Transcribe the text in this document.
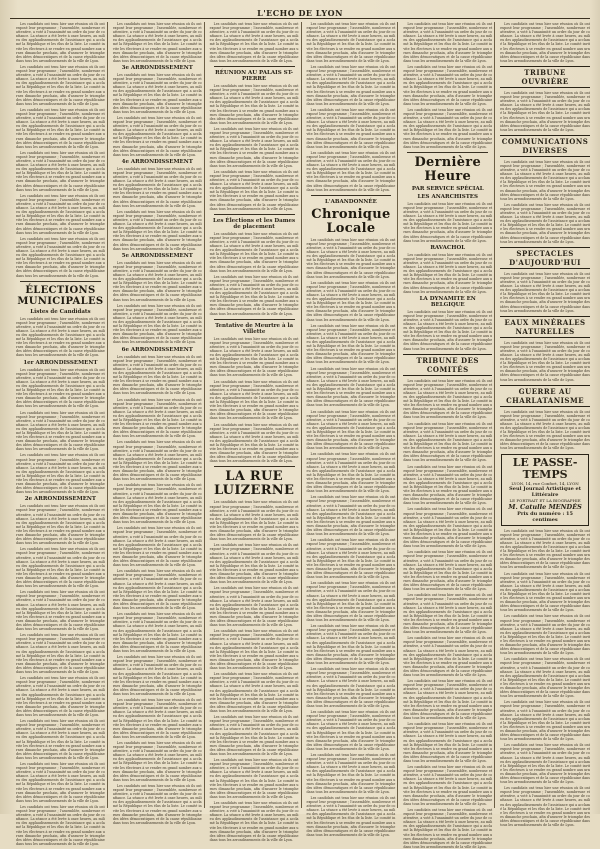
L'ECHO DE LYON

Les candidats ont tenu hier une réunion où ils ont exposé leur programme ; l'assemblée, nombreuse et attentive, a voté à l'unanimité un ordre du jour de confiance. La séance a été levée à onze heures, au milieu des applaudissements de l'assistance qui a acclamé la République et les élus de la liste. Le comité invite les électeurs à se rendre en grand nombre aux urnes dimanche prochain, afin d'assurer le triomphe des idées démocratiques et de la cause républicaine dans tous les arrondissements de la ville de Lyon.

Les candidats ont tenu hier une réunion où ils ont exposé leur programme ; l'assemblée, nombreuse et attentive, a voté à l'unanimité un ordre du jour de confiance. La séance a été levée à onze heures, au milieu des applaudissements de l'assistance qui a acclamé la République et les élus de la liste. Le comité invite les électeurs à se rendre en grand nombre aux urnes dimanche prochain, afin d'assurer le triomphe des idées démocratiques et de la cause républicaine dans tous les arrondissements de la ville de Lyon.

Les candidats ont tenu hier une réunion où ils ont exposé leur programme ; l'assemblée, nombreuse et attentive, a voté à l'unanimité un ordre du jour de confiance. La séance a été levée à onze heures, au milieu des applaudissements de l'assistance qui a acclamé la République et les élus de la liste. Le comité invite les électeurs à se rendre en grand nombre aux urnes dimanche prochain, afin d'assurer le triomphe des idées démocratiques et de la cause républicaine dans tous les arrondissements de la ville de Lyon.

Les candidats ont tenu hier une réunion où ils ont exposé leur programme ; l'assemblée, nombreuse et attentive, a voté à l'unanimité un ordre du jour de confiance. La séance a été levée à onze heures, au milieu des applaudissements de l'assistance qui a acclamé la République et les élus de la liste. Le comité invite les électeurs à se rendre en grand nombre aux urnes dimanche prochain, afin d'assurer le triomphe des idées démocratiques et de la cause républicaine dans tous les arrondissements de la ville de Lyon.

Les candidats ont tenu hier une réunion où ils ont exposé leur programme ; l'assemblée, nombreuse et attentive, a voté à l'unanimité un ordre du jour de confiance. La séance a été levée à onze heures, au milieu des applaudissements de l'assistance qui a acclamé la République et les élus de la liste. Le comité invite les électeurs à se rendre en grand nombre aux urnes dimanche prochain, afin d'assurer le triomphe des idées démocratiques et de la cause républicaine dans tous les arrondissements de la ville de Lyon.

Les candidats ont tenu hier une réunion où ils ont exposé leur programme ; l'assemblée, nombreuse et attentive, a voté à l'unanimité un ordre du jour de confiance. La séance a été levée à onze heures, au milieu des applaudissements de l'assistance qui a acclamé la République et les élus de la liste. Le comité invite les électeurs à se rendre en grand nombre aux urnes dimanche prochain, afin d'assurer le triomphe des idées démocratiques et de la cause républicaine dans tous les arrondissements de la ville de Lyon.

ÉLECTIONS MUNICIPALES
Listes de Candidats

Les candidats ont tenu hier une réunion où ils ont exposé leur programme ; l'assemblée, nombreuse et attentive, a voté à l'unanimité un ordre du jour de confiance. La séance a été levée à onze heures, au milieu des applaudissements de l'assistance qui a acclamé la République et les élus de la liste. Le comité invite les électeurs à se rendre en grand nombre aux urnes dimanche prochain, afin d'assurer le triomphe des idées démocratiques et de la cause républicaine dans tous les arrondissements de la ville de Lyon.

1er ARRONDISSEMENT

Les candidats ont tenu hier une réunion où ils ont exposé leur programme ; l'assemblée, nombreuse et attentive, a voté à l'unanimité un ordre du jour de confiance. La séance a été levée à onze heures, au milieu des applaudissements de l'assistance qui a acclamé la République et les élus de la liste. Le comité invite les électeurs à se rendre en grand nombre aux urnes dimanche prochain, afin d'assurer le triomphe des idées démocratiques et de la cause républicaine dans tous les arrondissements de la ville de Lyon.

Les candidats ont tenu hier une réunion où ils ont exposé leur programme ; l'assemblée, nombreuse et attentive, a voté à l'unanimité un ordre du jour de confiance. La séance a été levée à onze heures, au milieu des applaudissements de l'assistance qui a acclamé la République et les élus de la liste. Le comité invite les électeurs à se rendre en grand nombre aux urnes dimanche prochain, afin d'assurer le triomphe des idées démocratiques et de la cause républicaine dans tous les arrondissements de la ville de Lyon.

Les candidats ont tenu hier une réunion où ils ont exposé leur programme ; l'assemblée, nombreuse et attentive, a voté à l'unanimité un ordre du jour de confiance. La séance a été levée à onze heures, au milieu des applaudissements de l'assistance qui a acclamé la République et les élus de la liste. Le comité invite les électeurs à se rendre en grand nombre aux urnes dimanche prochain, afin d'assurer le triomphe des idées démocratiques et de la cause républicaine dans tous les arrondissements de la ville de Lyon.

2e ARRONDISSEMENT

Les candidats ont tenu hier une réunion où ils ont exposé leur programme ; l'assemblée, nombreuse et attentive, a voté à l'unanimité un ordre du jour de confiance. La séance a été levée à onze heures, au milieu des applaudissements de l'assistance qui a acclamé la République et les élus de la liste. Le comité invite les électeurs à se rendre en grand nombre aux urnes dimanche prochain, afin d'assurer le triomphe des idées démocratiques et de la cause républicaine dans tous les arrondissements de la ville de Lyon.

Les candidats ont tenu hier une réunion où ils ont exposé leur programme ; l'assemblée, nombreuse et attentive, a voté à l'unanimité un ordre du jour de confiance. La séance a été levée à onze heures, au milieu des applaudissements de l'assistance qui a acclamé la République et les élus de la liste. Le comité invite les électeurs à se rendre en grand nombre aux urnes dimanche prochain, afin d'assurer le triomphe des idées démocratiques et de la cause républicaine dans tous les arrondissements de la ville de Lyon.

Les candidats ont tenu hier une réunion où ils ont exposé leur programme ; l'assemblée, nombreuse et attentive, a voté à l'unanimité un ordre du jour de confiance. La séance a été levée à onze heures, au milieu des applaudissements de l'assistance qui a acclamé la République et les élus de la liste. Le comité invite les électeurs à se rendre en grand nombre aux urnes dimanche prochain, afin d'assurer le triomphe des idées démocratiques et de la cause républicaine dans tous les arrondissements de la ville de Lyon.

Les candidats ont tenu hier une réunion où ils ont exposé leur programme ; l'assemblée, nombreuse et attentive, a voté à l'unanimité un ordre du jour de confiance. La séance a été levée à onze heures, au milieu des applaudissements de l'assistance qui a acclamé la République et les élus de la liste. Le comité invite les électeurs à se rendre en grand nombre aux urnes dimanche prochain, afin d'assurer le triomphe des idées démocratiques et de la cause républicaine dans tous les arrondissements de la ville de Lyon.

Les candidats ont tenu hier une réunion où ils ont exposé leur programme ; l'assemblée, nombreuse et attentive, a voté à l'unanimité un ordre du jour de confiance. La séance a été levée à onze heures, au milieu des applaudissements de l'assistance qui a acclamé la République et les élus de la liste. Le comité invite les électeurs à se rendre en grand nombre aux urnes dimanche prochain, afin d'assurer le triomphe des idées démocratiques et de la cause républicaine dans tous les arrondissements de la ville de Lyon.

Les candidats ont tenu hier une réunion où ils ont exposé leur programme ; l'assemblée, nombreuse et attentive, a voté à l'unanimité un ordre du jour de confiance. La séance a été levée à onze heures, au milieu des applaudissements de l'assistance qui a acclamé la République et les élus de la liste. Le comité invite les électeurs à se rendre en grand nombre aux urnes dimanche prochain, afin d'assurer le triomphe des idées démocratiques et de la cause républicaine dans tous les arrondissements de la ville de Lyon.

Les candidats ont tenu hier une réunion où ils ont exposé leur programme ; l'assemblée, nombreuse et attentive, a voté à l'unanimité un ordre du jour de confiance. La séance a été levée à onze heures, au milieu des applaudissements de l'assistance qui a acclamé la République et les élus de la liste. Le comité invite les électeurs à se rendre en grand nombre aux urnes dimanche prochain, afin d'assurer le triomphe des idées démocratiques et de la cause républicaine dans tous les arrondissements de la ville de Lyon.

Les candidats ont tenu hier une réunion où ils ont exposé leur programme ; l'assemblée, nombreuse et attentive, a voté à l'unanimité un ordre du jour de confiance. La séance a été levée à onze heures, au milieu des applaudissements de l'assistance qui a acclamé la République et les élus de la liste. Le comité invite les électeurs à se rendre en grand nombre aux urnes dimanche prochain, afin d'assurer le triomphe des idées démocratiques et de la cause républicaine dans tous les arrondissements de la ville de Lyon.

Les candidats ont tenu hier une réunion où ils ont exposé leur programme ; l'assemblée, nombreuse et attentive, a voté à l'unanimité un ordre du jour de confiance. La séance a été levée à onze heures, au milieu des applaudissements de l'assistance qui a acclamé la République et les élus de la liste. Le comité invite les électeurs à se rendre en grand nombre aux urnes dimanche prochain, afin d'assurer le triomphe des idées démocratiques et de la cause républicaine dans tous les arrondissements de la ville de Lyon.

3e ARRONDISSEMENT

Les candidats ont tenu hier une réunion où ils ont exposé leur programme ; l'assemblée, nombreuse et attentive, a voté à l'unanimité un ordre du jour de confiance. La séance a été levée à onze heures, au milieu des applaudissements de l'assistance qui a acclamé la République et les élus de la liste. Le comité invite les électeurs à se rendre en grand nombre aux urnes dimanche prochain, afin d'assurer le triomphe des idées démocratiques et de la cause républicaine dans tous les arrondissements de la ville de Lyon.

Les candidats ont tenu hier une réunion où ils ont exposé leur programme ; l'assemblée, nombreuse et attentive, a voté à l'unanimité un ordre du jour de confiance. La séance a été levée à onze heures, au milieu des applaudissements de l'assistance qui a acclamé la République et les élus de la liste. Le comité invite les électeurs à se rendre en grand nombre aux urnes dimanche prochain, afin d'assurer le triomphe des idées démocratiques et de la cause républicaine dans tous les arrondissements de la ville de Lyon.

4e ARRONDISSEMENT

Les candidats ont tenu hier une réunion où ils ont exposé leur programme ; l'assemblée, nombreuse et attentive, a voté à l'unanimité un ordre du jour de confiance. La séance a été levée à onze heures, au milieu des applaudissements de l'assistance qui a acclamé la République et les élus de la liste. Le comité invite les électeurs à se rendre en grand nombre aux urnes dimanche prochain, afin d'assurer le triomphe des idées démocratiques et de la cause républicaine dans tous les arrondissements de la ville de Lyon.

Les candidats ont tenu hier une réunion où ils ont exposé leur programme ; l'assemblée, nombreuse et attentive, a voté à l'unanimité un ordre du jour de confiance. La séance a été levée à onze heures, au milieu des applaudissements de l'assistance qui a acclamé la République et les élus de la liste. Le comité invite les électeurs à se rendre en grand nombre aux urnes dimanche prochain, afin d'assurer le triomphe des idées démocratiques et de la cause républicaine dans tous les arrondissements de la ville de Lyon.

5e ARRONDISSEMENT

Les candidats ont tenu hier une réunion où ils ont exposé leur programme ; l'assemblée, nombreuse et attentive, a voté à l'unanimité un ordre du jour de confiance. La séance a été levée à onze heures, au milieu des applaudissements de l'assistance qui a acclamé la République et les élus de la liste. Le comité invite les électeurs à se rendre en grand nombre aux urnes dimanche prochain, afin d'assurer le triomphe des idées démocratiques et de la cause républicaine dans tous les arrondissements de la ville de Lyon.

Les candidats ont tenu hier une réunion où ils ont exposé leur programme ; l'assemblée, nombreuse et attentive, a voté à l'unanimité un ordre du jour de confiance. La séance a été levée à onze heures, au milieu des applaudissements de l'assistance qui a acclamé la République et les élus de la liste. Le comité invite les électeurs à se rendre en grand nombre aux urnes dimanche prochain, afin d'assurer le triomphe des idées démocratiques et de la cause républicaine dans tous les arrondissements de la ville de Lyon.

6e ARRONDISSEMENT

Les candidats ont tenu hier une réunion où ils ont exposé leur programme ; l'assemblée, nombreuse et attentive, a voté à l'unanimité un ordre du jour de confiance. La séance a été levée à onze heures, au milieu des applaudissements de l'assistance qui a acclamé la République et les élus de la liste. Le comité invite les électeurs à se rendre en grand nombre aux urnes dimanche prochain, afin d'assurer le triomphe des idées démocratiques et de la cause républicaine dans tous les arrondissements de la ville de Lyon.

Les candidats ont tenu hier une réunion où ils ont exposé leur programme ; l'assemblée, nombreuse et attentive, a voté à l'unanimité un ordre du jour de confiance. La séance a été levée à onze heures, au milieu des applaudissements de l'assistance qui a acclamé la République et les élus de la liste. Le comité invite les électeurs à se rendre en grand nombre aux urnes dimanche prochain, afin d'assurer le triomphe des idées démocratiques et de la cause républicaine dans tous les arrondissements de la ville de Lyon.

Les candidats ont tenu hier une réunion où ils ont exposé leur programme ; l'assemblée, nombreuse et attentive, a voté à l'unanimité un ordre du jour de confiance. La séance a été levée à onze heures, au milieu des applaudissements de l'assistance qui a acclamé la République et les élus de la liste. Le comité invite les électeurs à se rendre en grand nombre aux urnes dimanche prochain, afin d'assurer le triomphe des idées démocratiques et de la cause républicaine dans tous les arrondissements de la ville de Lyon.

Les candidats ont tenu hier une réunion où ils ont exposé leur programme ; l'assemblée, nombreuse et attentive, a voté à l'unanimité un ordre du jour de confiance. La séance a été levée à onze heures, au milieu des applaudissements de l'assistance qui a acclamé la République et les élus de la liste. Le comité invite les électeurs à se rendre en grand nombre aux urnes dimanche prochain, afin d'assurer le triomphe des idées démocratiques et de la cause républicaine dans tous les arrondissements de la ville de Lyon.

Les candidats ont tenu hier une réunion où ils ont exposé leur programme ; l'assemblée, nombreuse et attentive, a voté à l'unanimité un ordre du jour de confiance. La séance a été levée à onze heures, au milieu des applaudissements de l'assistance qui a acclamé la République et les élus de la liste. Le comité invite les électeurs à se rendre en grand nombre aux urnes dimanche prochain, afin d'assurer le triomphe des idées démocratiques et de la cause républicaine dans tous les arrondissements de la ville de Lyon.

Les candidats ont tenu hier une réunion où ils ont exposé leur programme ; l'assemblée, nombreuse et attentive, a voté à l'unanimité un ordre du jour de confiance. La séance a été levée à onze heures, au milieu des applaudissements de l'assistance qui a acclamé la République et les élus de la liste. Le comité invite les électeurs à se rendre en grand nombre aux urnes dimanche prochain, afin d'assurer le triomphe des idées démocratiques et de la cause républicaine dans tous les arrondissements de la ville de Lyon.

Les candidats ont tenu hier une réunion où ils ont exposé leur programme ; l'assemblée, nombreuse et attentive, a voté à l'unanimité un ordre du jour de confiance. La séance a été levée à onze heures, au milieu des applaudissements de l'assistance qui a acclamé la République et les élus de la liste. Le comité invite les électeurs à se rendre en grand nombre aux urnes dimanche prochain, afin d'assurer le triomphe des idées démocratiques et de la cause républicaine dans tous les arrondissements de la ville de Lyon.

Les candidats ont tenu hier une réunion où ils ont exposé leur programme ; l'assemblée, nombreuse et attentive, a voté à l'unanimité un ordre du jour de confiance. La séance a été levée à onze heures, au milieu des applaudissements de l'assistance qui a acclamé la République et les élus de la liste. Le comité invite les électeurs à se rendre en grand nombre aux urnes dimanche prochain, afin d'assurer le triomphe des idées démocratiques et de la cause républicaine dans tous les arrondissements de la ville de Lyon.

Les candidats ont tenu hier une réunion où ils ont exposé leur programme ; l'assemblée, nombreuse et attentive, a voté à l'unanimité un ordre du jour de confiance. La séance a été levée à onze heures, au milieu des applaudissements de l'assistance qui a acclamé la République et les élus de la liste. Le comité invite les électeurs à se rendre en grand nombre aux urnes dimanche prochain, afin d'assurer le triomphe des idées démocratiques et de la cause républicaine dans tous les arrondissements de la ville de Lyon.

Les candidats ont tenu hier une réunion où ils ont exposé leur programme ; l'assemblée, nombreuse et attentive, a voté à l'unanimité un ordre du jour de confiance. La séance a été levée à onze heures, au milieu des applaudissements de l'assistance qui a acclamé la République et les élus de la liste. Le comité invite les électeurs à se rendre en grand nombre aux urnes dimanche prochain, afin d'assurer le triomphe des idées démocratiques et de la cause républicaine dans tous les arrondissements de la ville de Lyon.

Les candidats ont tenu hier une réunion où ils ont exposé leur programme ; l'assemblée, nombreuse et attentive, a voté à l'unanimité un ordre du jour de confiance. La séance a été levée à onze heures, au milieu des applaudissements de l'assistance qui a acclamé la République et les élus de la liste. Le comité invite les électeurs à se rendre en grand nombre aux urnes dimanche prochain, afin d'assurer le triomphe des idées démocratiques et de la cause républicaine dans tous les arrondissements de la ville de Lyon.

Les candidats ont tenu hier une réunion où ils ont exposé leur programme ; l'assemblée, nombreuse et attentive, a voté à l'unanimité un ordre du jour de confiance. La séance a été levée à onze heures, au milieu des applaudissements de l'assistance qui a acclamé la République et les élus de la liste. Le comité invite les électeurs à se rendre en grand nombre aux urnes dimanche prochain, afin d'assurer le triomphe des idées démocratiques et de la cause républicaine dans tous les arrondissements de la ville de Lyon.

RÉUNION AU PALAIS ST-PIERRE

Les candidats ont tenu hier une réunion où ils ont exposé leur programme ; l'assemblée, nombreuse et attentive, a voté à l'unanimité un ordre du jour de confiance. La séance a été levée à onze heures, au milieu des applaudissements de l'assistance qui a acclamé la République et les élus de la liste. Le comité invite les électeurs à se rendre en grand nombre aux urnes dimanche prochain, afin d'assurer le triomphe des idées démocratiques et de la cause républicaine dans tous les arrondissements de la ville de Lyon.

Les candidats ont tenu hier une réunion où ils ont exposé leur programme ; l'assemblée, nombreuse et attentive, a voté à l'unanimité un ordre du jour de confiance. La séance a été levée à onze heures, au milieu des applaudissements de l'assistance qui a acclamé la République et les élus de la liste. Le comité invite les électeurs à se rendre en grand nombre aux urnes dimanche prochain, afin d'assurer le triomphe des idées démocratiques et de la cause républicaine dans tous les arrondissements de la ville de Lyon.

Les candidats ont tenu hier une réunion où ils ont exposé leur programme ; l'assemblée, nombreuse et attentive, a voté à l'unanimité un ordre du jour de confiance. La séance a été levée à onze heures, au milieu des applaudissements de l'assistance qui a acclamé la République et les élus de la liste. Le comité invite les électeurs à se rendre en grand nombre aux urnes dimanche prochain, afin d'assurer le triomphe des idées démocratiques et de la cause républicaine dans tous les arrondissements de la ville de Lyon.

Les Élections et les Dames de placement

Les candidats ont tenu hier une réunion où ils ont exposé leur programme ; l'assemblée, nombreuse et attentive, a voté à l'unanimité un ordre du jour de confiance. La séance a été levée à onze heures, au milieu des applaudissements de l'assistance qui a acclamé la République et les élus de la liste. Le comité invite les électeurs à se rendre en grand nombre aux urnes dimanche prochain, afin d'assurer le triomphe des idées démocratiques et de la cause républicaine dans tous les arrondissements de la ville de Lyon.

Les candidats ont tenu hier une réunion où ils ont exposé leur programme ; l'assemblée, nombreuse et attentive, a voté à l'unanimité un ordre du jour de confiance. La séance a été levée à onze heures, au milieu des applaudissements de l'assistance qui a acclamé la République et les élus de la liste. Le comité invite les électeurs à se rendre en grand nombre aux urnes dimanche prochain, afin d'assurer le triomphe des idées démocratiques et de la cause républicaine dans tous les arrondissements de la ville de Lyon.

Tentative de Meurtre à la Villette

Les candidats ont tenu hier une réunion où ils ont exposé leur programme ; l'assemblée, nombreuse et attentive, a voté à l'unanimité un ordre du jour de confiance. La séance a été levée à onze heures, au milieu des applaudissements de l'assistance qui a acclamé la République et les élus de la liste. Le comité invite les électeurs à se rendre en grand nombre aux urnes dimanche prochain, afin d'assurer le triomphe des idées démocratiques et de la cause républicaine dans tous les arrondissements de la ville de Lyon.

Les candidats ont tenu hier une réunion où ils ont exposé leur programme ; l'assemblée, nombreuse et attentive, a voté à l'unanimité un ordre du jour de confiance. La séance a été levée à onze heures, au milieu des applaudissements de l'assistance qui a acclamé la République et les élus de la liste. Le comité invite les électeurs à se rendre en grand nombre aux urnes dimanche prochain, afin d'assurer le triomphe des idées démocratiques et de la cause républicaine dans tous les arrondissements de la ville de Lyon.

Les candidats ont tenu hier une réunion où ils ont exposé leur programme ; l'assemblée, nombreuse et attentive, a voté à l'unanimité un ordre du jour de confiance. La séance a été levée à onze heures, au milieu des applaudissements de l'assistance qui a acclamé la République et les élus de la liste. Le comité invite les électeurs à se rendre en grand nombre aux urnes dimanche prochain, afin d'assurer le triomphe des idées démocratiques et de la cause républicaine dans tous les arrondissements de la ville de Lyon.

LA RUE LUIZERNE

Les candidats ont tenu hier une réunion où ils ont exposé leur programme ; l'assemblée, nombreuse et attentive, a voté à l'unanimité un ordre du jour de confiance. La séance a été levée à onze heures, au milieu des applaudissements de l'assistance qui a acclamé la République et les élus de la liste. Le comité invite les électeurs à se rendre en grand nombre aux urnes dimanche prochain, afin d'assurer le triomphe des idées démocratiques et de la cause républicaine dans tous les arrondissements de la ville de Lyon.

Les candidats ont tenu hier une réunion où ils ont exposé leur programme ; l'assemblée, nombreuse et attentive, a voté à l'unanimité un ordre du jour de confiance. La séance a été levée à onze heures, au milieu des applaudissements de l'assistance qui a acclamé la République et les élus de la liste. Le comité invite les électeurs à se rendre en grand nombre aux urnes dimanche prochain, afin d'assurer le triomphe des idées démocratiques et de la cause républicaine dans tous les arrondissements de la ville de Lyon.

Les candidats ont tenu hier une réunion où ils ont exposé leur programme ; l'assemblée, nombreuse et attentive, a voté à l'unanimité un ordre du jour de confiance. La séance a été levée à onze heures, au milieu des applaudissements de l'assistance qui a acclamé la République et les élus de la liste. Le comité invite les électeurs à se rendre en grand nombre aux urnes dimanche prochain, afin d'assurer le triomphe des idées démocratiques et de la cause républicaine dans tous les arrondissements de la ville de Lyon.

Les candidats ont tenu hier une réunion où ils ont exposé leur programme ; l'assemblée, nombreuse et attentive, a voté à l'unanimité un ordre du jour de confiance. La séance a été levée à onze heures, au milieu des applaudissements de l'assistance qui a acclamé la République et les élus de la liste. Le comité invite les électeurs à se rendre en grand nombre aux urnes dimanche prochain, afin d'assurer le triomphe des idées démocratiques et de la cause républicaine dans tous les arrondissements de la ville de Lyon.

Les candidats ont tenu hier une réunion où ils ont exposé leur programme ; l'assemblée, nombreuse et attentive, a voté à l'unanimité un ordre du jour de confiance. La séance a été levée à onze heures, au milieu des applaudissements de l'assistance qui a acclamé la République et les élus de la liste. Le comité invite les électeurs à se rendre en grand nombre aux urnes dimanche prochain, afin d'assurer le triomphe des idées démocratiques et de la cause républicaine dans tous les arrondissements de la ville de Lyon.

Les candidats ont tenu hier une réunion où ils ont exposé leur programme ; l'assemblée, nombreuse et attentive, a voté à l'unanimité un ordre du jour de confiance. La séance a été levée à onze heures, au milieu des applaudissements de l'assistance qui a acclamé la République et les élus de la liste. Le comité invite les électeurs à se rendre en grand nombre aux urnes dimanche prochain, afin d'assurer le triomphe des idées démocratiques et de la cause républicaine dans tous les arrondissements de la ville de Lyon.

Les candidats ont tenu hier une réunion où ils ont exposé leur programme ; l'assemblée, nombreuse et attentive, a voté à l'unanimité un ordre du jour de confiance. La séance a été levée à onze heures, au milieu des applaudissements de l'assistance qui a acclamé la République et les élus de la liste. Le comité invite les électeurs à se rendre en grand nombre aux urnes dimanche prochain, afin d'assurer le triomphe des idées démocratiques et de la cause républicaine dans tous les arrondissements de la ville de Lyon.

Les candidats ont tenu hier une réunion où ils ont exposé leur programme ; l'assemblée, nombreuse et attentive, a voté à l'unanimité un ordre du jour de confiance. La séance a été levée à onze heures, au milieu des applaudissements de l'assistance qui a acclamé la République et les élus de la liste. Le comité invite les électeurs à se rendre en grand nombre aux urnes dimanche prochain, afin d'assurer le triomphe des idées démocratiques et de la cause républicaine dans tous les arrondissements de la ville de Lyon.

Les candidats ont tenu hier une réunion où ils ont exposé leur programme ; l'assemblée, nombreuse et attentive, a voté à l'unanimité un ordre du jour de confiance. La séance a été levée à onze heures, au milieu des applaudissements de l'assistance qui a acclamé la République et les élus de la liste. Le comité invite les électeurs à se rendre en grand nombre aux urnes dimanche prochain, afin d'assurer le triomphe des idées démocratiques et de la cause républicaine dans tous les arrondissements de la ville de Lyon.

Les candidats ont tenu hier une réunion où ils ont exposé leur programme ; l'assemblée, nombreuse et attentive, a voté à l'unanimité un ordre du jour de confiance. La séance a été levée à onze heures, au milieu des applaudissements de l'assistance qui a acclamé la République et les élus de la liste. Le comité invite les électeurs à se rendre en grand nombre aux urnes dimanche prochain, afin d'assurer le triomphe des idées démocratiques et de la cause républicaine dans tous les arrondissements de la ville de Lyon.

Les candidats ont tenu hier une réunion où ils ont exposé leur programme ; l'assemblée, nombreuse et attentive, a voté à l'unanimité un ordre du jour de confiance. La séance a été levée à onze heures, au milieu des applaudissements de l'assistance qui a acclamé la République et les élus de la liste. Le comité invite les électeurs à se rendre en grand nombre aux urnes dimanche prochain, afin d'assurer le triomphe des idées démocratiques et de la cause républicaine dans tous les arrondissements de la ville de Lyon.

Les candidats ont tenu hier une réunion où ils ont exposé leur programme ; l'assemblée, nombreuse et attentive, a voté à l'unanimité un ordre du jour de confiance. La séance a été levée à onze heures, au milieu des applaudissements de l'assistance qui a acclamé la République et les élus de la liste. Le comité invite les électeurs à se rendre en grand nombre aux urnes dimanche prochain, afin d'assurer le triomphe des idées démocratiques et de la cause républicaine dans tous les arrondissements de la ville de Lyon.

L'ABANDONNÉE
Chronique Locale

Les candidats ont tenu hier une réunion où ils ont exposé leur programme ; l'assemblée, nombreuse et attentive, a voté à l'unanimité un ordre du jour de confiance. La séance a été levée à onze heures, au milieu des applaudissements de l'assistance qui a acclamé la République et les élus de la liste. Le comité invite les électeurs à se rendre en grand nombre aux urnes dimanche prochain, afin d'assurer le triomphe des idées démocratiques et de la cause républicaine dans tous les arrondissements de la ville de Lyon.

Les candidats ont tenu hier une réunion où ils ont exposé leur programme ; l'assemblée, nombreuse et attentive, a voté à l'unanimité un ordre du jour de confiance. La séance a été levée à onze heures, au milieu des applaudissements de l'assistance qui a acclamé la République et les élus de la liste. Le comité invite les électeurs à se rendre en grand nombre aux urnes dimanche prochain, afin d'assurer le triomphe des idées démocratiques et de la cause républicaine dans tous les arrondissements de la ville de Lyon.

Les candidats ont tenu hier une réunion où ils ont exposé leur programme ; l'assemblée, nombreuse et attentive, a voté à l'unanimité un ordre du jour de confiance. La séance a été levée à onze heures, au milieu des applaudissements de l'assistance qui a acclamé la République et les élus de la liste. Le comité invite les électeurs à se rendre en grand nombre aux urnes dimanche prochain, afin d'assurer le triomphe des idées démocratiques et de la cause républicaine dans tous les arrondissements de la ville de Lyon.

Les candidats ont tenu hier une réunion où ils ont exposé leur programme ; l'assemblée, nombreuse et attentive, a voté à l'unanimité un ordre du jour de confiance. La séance a été levée à onze heures, au milieu des applaudissements de l'assistance qui a acclamé la République et les élus de la liste. Le comité invite les électeurs à se rendre en grand nombre aux urnes dimanche prochain, afin d'assurer le triomphe des idées démocratiques et de la cause républicaine dans tous les arrondissements de la ville de Lyon.

Les candidats ont tenu hier une réunion où ils ont exposé leur programme ; l'assemblée, nombreuse et attentive, a voté à l'unanimité un ordre du jour de confiance. La séance a été levée à onze heures, au milieu des applaudissements de l'assistance qui a acclamé la République et les élus de la liste. Le comité invite les électeurs à se rendre en grand nombre aux urnes dimanche prochain, afin d'assurer le triomphe des idées démocratiques et de la cause républicaine dans tous les arrondissements de la ville de Lyon.

Les candidats ont tenu hier une réunion où ils ont exposé leur programme ; l'assemblée, nombreuse et attentive, a voté à l'unanimité un ordre du jour de confiance. La séance a été levée à onze heures, au milieu des applaudissements de l'assistance qui a acclamé la République et les élus de la liste. Le comité invite les électeurs à se rendre en grand nombre aux urnes dimanche prochain, afin d'assurer le triomphe des idées démocratiques et de la cause républicaine dans tous les arrondissements de la ville de Lyon.

Les candidats ont tenu hier une réunion où ils ont exposé leur programme ; l'assemblée, nombreuse et attentive, a voté à l'unanimité un ordre du jour de confiance. La séance a été levée à onze heures, au milieu des applaudissements de l'assistance qui a acclamé la République et les élus de la liste. Le comité invite les électeurs à se rendre en grand nombre aux urnes dimanche prochain, afin d'assurer le triomphe des idées démocratiques et de la cause républicaine dans tous les arrondissements de la ville de Lyon.

Les candidats ont tenu hier une réunion où ils ont exposé leur programme ; l'assemblée, nombreuse et attentive, a voté à l'unanimité un ordre du jour de confiance. La séance a été levée à onze heures, au milieu des applaudissements de l'assistance qui a acclamé la République et les élus de la liste. Le comité invite les électeurs à se rendre en grand nombre aux urnes dimanche prochain, afin d'assurer le triomphe des idées démocratiques et de la cause républicaine dans tous les arrondissements de la ville de Lyon.

Les candidats ont tenu hier une réunion où ils ont exposé leur programme ; l'assemblée, nombreuse et attentive, a voté à l'unanimité un ordre du jour de confiance. La séance a été levée à onze heures, au milieu des applaudissements de l'assistance qui a acclamé la République et les élus de la liste. Le comité invite les électeurs à se rendre en grand nombre aux urnes dimanche prochain, afin d'assurer le triomphe des idées démocratiques et de la cause républicaine dans tous les arrondissements de la ville de Lyon.

Les candidats ont tenu hier une réunion où ils ont exposé leur programme ; l'assemblée, nombreuse et attentive, a voté à l'unanimité un ordre du jour de confiance. La séance a été levée à onze heures, au milieu des applaudissements de l'assistance qui a acclamé la République et les élus de la liste. Le comité invite les électeurs à se rendre en grand nombre aux urnes dimanche prochain, afin d'assurer le triomphe des idées démocratiques et de la cause républicaine dans tous les arrondissements de la ville de Lyon.

Les candidats ont tenu hier une réunion où ils ont exposé leur programme ; l'assemblée, nombreuse et attentive, a voté à l'unanimité un ordre du jour de confiance. La séance a été levée à onze heures, au milieu des applaudissements de l'assistance qui a acclamé la République et les élus de la liste. Le comité invite les électeurs à se rendre en grand nombre aux urnes dimanche prochain, afin d'assurer le triomphe des idées démocratiques et de la cause républicaine dans tous les arrondissements de la ville de Lyon.

Les candidats ont tenu hier une réunion où ils ont exposé leur programme ; l'assemblée, nombreuse et attentive, a voté à l'unanimité un ordre du jour de confiance. La séance a été levée à onze heures, au milieu des applaudissements de l'assistance qui a acclamé la République et les élus de la liste. Le comité invite les électeurs à se rendre en grand nombre aux urnes dimanche prochain, afin d'assurer le triomphe des idées démocratiques et de la cause républicaine dans tous les arrondissements de la ville de Lyon.

Les candidats ont tenu hier une réunion où ils ont exposé leur programme ; l'assemblée, nombreuse et attentive, a voté à l'unanimité un ordre du jour de confiance. La séance a été levée à onze heures, au milieu des applaudissements de l'assistance qui a acclamé la République et les élus de la liste. Le comité invite les électeurs à se rendre en grand nombre aux urnes dimanche prochain, afin d'assurer le triomphe des idées démocratiques et de la cause républicaine dans tous les arrondissements de la ville de Lyon.

Les candidats ont tenu hier une réunion où ils ont exposé leur programme ; l'assemblée, nombreuse et attentive, a voté à l'unanimité un ordre du jour de confiance. La séance a été levée à onze heures, au milieu des applaudissements de l'assistance qui a acclamé la République et les élus de la liste. Le comité invite les électeurs à se rendre en grand nombre aux urnes dimanche prochain, afin d'assurer le triomphe des idées démocratiques et de la cause républicaine dans tous les arrondissements de la ville de Lyon.

Les candidats ont tenu hier une réunion où ils ont exposé leur programme ; l'assemblée, nombreuse et attentive, a voté à l'unanimité un ordre du jour de confiance. La séance a été levée à onze heures, au milieu des applaudissements de l'assistance qui a acclamé la République et les élus de la liste. Le comité invite les électeurs à se rendre en grand nombre aux urnes dimanche prochain, afin d'assurer le triomphe des idées démocratiques et de la cause républicaine dans tous les arrondissements de la ville de Lyon.

Les candidats ont tenu hier une réunion où ils ont exposé leur programme ; l'assemblée, nombreuse et attentive, a voté à l'unanimité un ordre du jour de confiance. La séance a été levée à onze heures, au milieu des applaudissements de l'assistance qui a acclamé la République et les élus de la liste. Le comité invite les électeurs à se rendre en grand nombre aux urnes dimanche prochain, afin d'assurer le triomphe des idées démocratiques et de la cause républicaine dans tous les arrondissements de la ville de Lyon.

Les candidats ont tenu hier une réunion où ils ont exposé leur programme ; l'assemblée, nombreuse et attentive, a voté à l'unanimité un ordre du jour de confiance. La séance a été levée à onze heures, au milieu des applaudissements de l'assistance qui a acclamé la République et les élus de la liste. Le comité invite les électeurs à se rendre en grand nombre aux urnes dimanche prochain, afin d'assurer le triomphe des idées démocratiques et de la cause républicaine dans tous les arrondissements de la ville de Lyon.

Dernière Heure
PAR SERVICE SPÉCIAL
LES ANARCHISTES

Les candidats ont tenu hier une réunion où ils ont exposé leur programme ; l'assemblée, nombreuse et attentive, a voté à l'unanimité un ordre du jour de confiance. La séance a été levée à onze heures, au milieu des applaudissements de l'assistance qui a acclamé la République et les élus de la liste. Le comité invite les électeurs à se rendre en grand nombre aux urnes dimanche prochain, afin d'assurer le triomphe des idées démocratiques et de la cause républicaine dans tous les arrondissements de la ville de Lyon.

RAVACHOL

Les candidats ont tenu hier une réunion où ils ont exposé leur programme ; l'assemblée, nombreuse et attentive, a voté à l'unanimité un ordre du jour de confiance. La séance a été levée à onze heures, au milieu des applaudissements de l'assistance qui a acclamé la République et les élus de la liste. Le comité invite les électeurs à se rendre en grand nombre aux urnes dimanche prochain, afin d'assurer le triomphe des idées démocratiques et de la cause républicaine dans tous les arrondissements de la ville de Lyon.

LA DYNAMITE EN BELGIQUE

Les candidats ont tenu hier une réunion où ils ont exposé leur programme ; l'assemblée, nombreuse et attentive, a voté à l'unanimité un ordre du jour de confiance. La séance a été levée à onze heures, au milieu des applaudissements de l'assistance qui a acclamé la République et les élus de la liste. Le comité invite les électeurs à se rendre en grand nombre aux urnes dimanche prochain, afin d'assurer le triomphe des idées démocratiques et de la cause républicaine dans tous les arrondissements de la ville de Lyon.

TRIBUNE DES COMITÉS

Les candidats ont tenu hier une réunion où ils ont exposé leur programme ; l'assemblée, nombreuse et attentive, a voté à l'unanimité un ordre du jour de confiance. La séance a été levée à onze heures, au milieu des applaudissements de l'assistance qui a acclamé la République et les élus de la liste. Le comité invite les électeurs à se rendre en grand nombre aux urnes dimanche prochain, afin d'assurer le triomphe des idées démocratiques et de la cause républicaine dans tous les arrondissements de la ville de Lyon.

Les candidats ont tenu hier une réunion où ils ont exposé leur programme ; l'assemblée, nombreuse et attentive, a voté à l'unanimité un ordre du jour de confiance. La séance a été levée à onze heures, au milieu des applaudissements de l'assistance qui a acclamé la République et les élus de la liste. Le comité invite les électeurs à se rendre en grand nombre aux urnes dimanche prochain, afin d'assurer le triomphe des idées démocratiques et de la cause républicaine dans tous les arrondissements de la ville de Lyon.

Les candidats ont tenu hier une réunion où ils ont exposé leur programme ; l'assemblée, nombreuse et attentive, a voté à l'unanimité un ordre du jour de confiance. La séance a été levée à onze heures, au milieu des applaudissements de l'assistance qui a acclamé la République et les élus de la liste. Le comité invite les électeurs à se rendre en grand nombre aux urnes dimanche prochain, afin d'assurer le triomphe des idées démocratiques et de la cause républicaine dans tous les arrondissements de la ville de Lyon.

Les candidats ont tenu hier une réunion où ils ont exposé leur programme ; l'assemblée, nombreuse et attentive, a voté à l'unanimité un ordre du jour de confiance. La séance a été levée à onze heures, au milieu des applaudissements de l'assistance qui a acclamé la République et les élus de la liste. Le comité invite les électeurs à se rendre en grand nombre aux urnes dimanche prochain, afin d'assurer le triomphe des idées démocratiques et de la cause républicaine dans tous les arrondissements de la ville de Lyon.

Les candidats ont tenu hier une réunion où ils ont exposé leur programme ; l'assemblée, nombreuse et attentive, a voté à l'unanimité un ordre du jour de confiance. La séance a été levée à onze heures, au milieu des applaudissements de l'assistance qui a acclamé la République et les élus de la liste. Le comité invite les électeurs à se rendre en grand nombre aux urnes dimanche prochain, afin d'assurer le triomphe des idées démocratiques et de la cause républicaine dans tous les arrondissements de la ville de Lyon.

Les candidats ont tenu hier une réunion où ils ont exposé leur programme ; l'assemblée, nombreuse et attentive, a voté à l'unanimité un ordre du jour de confiance. La séance a été levée à onze heures, au milieu des applaudissements de l'assistance qui a acclamé la République et les élus de la liste. Le comité invite les électeurs à se rendre en grand nombre aux urnes dimanche prochain, afin d'assurer le triomphe des idées démocratiques et de la cause républicaine dans tous les arrondissements de la ville de Lyon.

Les candidats ont tenu hier une réunion où ils ont exposé leur programme ; l'assemblée, nombreuse et attentive, a voté à l'unanimité un ordre du jour de confiance. La séance a été levée à onze heures, au milieu des applaudissements de l'assistance qui a acclamé la République et les élus de la liste. Le comité invite les électeurs à se rendre en grand nombre aux urnes dimanche prochain, afin d'assurer le triomphe des idées démocratiques et de la cause républicaine dans tous les arrondissements de la ville de Lyon.

Les candidats ont tenu hier une réunion où ils ont exposé leur programme ; l'assemblée, nombreuse et attentive, a voté à l'unanimité un ordre du jour de confiance. La séance a été levée à onze heures, au milieu des applaudissements de l'assistance qui a acclamé la République et les élus de la liste. Le comité invite les électeurs à se rendre en grand nombre aux urnes dimanche prochain, afin d'assurer le triomphe des idées démocratiques et de la cause républicaine dans tous les arrondissements de la ville de Lyon.

Les candidats ont tenu hier une réunion où ils ont exposé leur programme ; l'assemblée, nombreuse et attentive, a voté à l'unanimité un ordre du jour de confiance. La séance a été levée à onze heures, au milieu des applaudissements de l'assistance qui a acclamé la République et les élus de la liste. Le comité invite les électeurs à se rendre en grand nombre aux urnes dimanche prochain, afin d'assurer le triomphe des idées démocratiques et de la cause républicaine dans tous les arrondissements de la ville de Lyon.

Les candidats ont tenu hier une réunion où ils ont exposé leur programme ; l'assemblée, nombreuse et attentive, a voté à l'unanimité un ordre du jour de confiance. La séance a été levée à onze heures, au milieu des applaudissements de l'assistance qui a acclamé la République et les élus de la liste. Le comité invite les électeurs à se rendre en grand nombre aux urnes dimanche prochain, afin d'assurer le triomphe des idées démocratiques et de la cause républicaine dans tous les arrondissements de la ville de Lyon.

Les candidats ont tenu hier une réunion où ils ont exposé leur programme ; l'assemblée, nombreuse et attentive, a voté à l'unanimité un ordre du jour de confiance. La séance a été levée à onze heures, au milieu des applaudissements de l'assistance qui a acclamé la République et les élus de la liste. Le comité invite les électeurs à se rendre en grand nombre aux urnes dimanche prochain, afin d'assurer le triomphe des idées démocratiques et de la cause républicaine dans tous les arrondissements de la ville de Lyon.

Les candidats ont tenu hier une réunion où ils ont exposé leur programme ; l'assemblée, nombreuse et attentive, a voté à l'unanimité un ordre du jour de confiance. La séance a été levée à onze heures, au milieu des applaudissements de l'assistance qui a acclamé la République et les élus de la liste. Le comité invite les électeurs à se rendre en grand nombre aux urnes dimanche prochain, afin d'assurer le triomphe des idées démocratiques et de la cause républicaine dans tous les arrondissements de la ville de Lyon.

TRIBUNE OUVRIÈRE

Les candidats ont tenu hier une réunion où ils ont exposé leur programme ; l'assemblée, nombreuse et attentive, a voté à l'unanimité un ordre du jour de confiance. La séance a été levée à onze heures, au milieu des applaudissements de l'assistance qui a acclamé la République et les élus de la liste. Le comité invite les électeurs à se rendre en grand nombre aux urnes dimanche prochain, afin d'assurer le triomphe des idées démocratiques et de la cause républicaine dans tous les arrondissements de la ville de Lyon.

COMMUNICATIONS DIVERSES

Les candidats ont tenu hier une réunion où ils ont exposé leur programme ; l'assemblée, nombreuse et attentive, a voté à l'unanimité un ordre du jour de confiance. La séance a été levée à onze heures, au milieu des applaudissements de l'assistance qui a acclamé la République et les élus de la liste. Le comité invite les électeurs à se rendre en grand nombre aux urnes dimanche prochain, afin d'assurer le triomphe des idées démocratiques et de la cause républicaine dans tous les arrondissements de la ville de Lyon.

Les candidats ont tenu hier une réunion où ils ont exposé leur programme ; l'assemblée, nombreuse et attentive, a voté à l'unanimité un ordre du jour de confiance. La séance a été levée à onze heures, au milieu des applaudissements de l'assistance qui a acclamé la République et les élus de la liste. Le comité invite les électeurs à se rendre en grand nombre aux urnes dimanche prochain, afin d'assurer le triomphe des idées démocratiques et de la cause républicaine dans tous les arrondissements de la ville de Lyon.

SPECTACLES D'AUJOURD'HUI

Les candidats ont tenu hier une réunion où ils ont exposé leur programme ; l'assemblée, nombreuse et attentive, a voté à l'unanimité un ordre du jour de confiance. La séance a été levée à onze heures, au milieu des applaudissements de l'assistance qui a acclamé la République et les élus de la liste. Le comité invite les électeurs à se rendre en grand nombre aux urnes dimanche prochain, afin d'assurer le triomphe des idées démocratiques et de la cause républicaine dans tous les arrondissements de la ville de Lyon.

EAUX MINÉRALES NATURELLES

Les candidats ont tenu hier une réunion où ils ont exposé leur programme ; l'assemblée, nombreuse et attentive, a voté à l'unanimité un ordre du jour de confiance. La séance a été levée à onze heures, au milieu des applaudissements de l'assistance qui a acclamé la République et les élus de la liste. Le comité invite les électeurs à se rendre en grand nombre aux urnes dimanche prochain, afin d'assurer le triomphe des idées démocratiques et de la cause républicaine dans tous les arrondissements de la ville de Lyon.

GUERRE AU CHARLATANISME

Les candidats ont tenu hier une réunion où ils ont exposé leur programme ; l'assemblée, nombreuse et attentive, a voté à l'unanimité un ordre du jour de confiance. La séance a été levée à onze heures, au milieu des applaudissements de l'assistance qui a acclamé la République et les élus de la liste. Le comité invite les électeurs à se rendre en grand nombre aux urnes dimanche prochain, afin d'assurer le triomphe des idées démocratiques et de la cause républicaine dans tous les arrondissements de la ville de Lyon.

LE PASSE-TEMPS
LYON, 14, rue Confort, 14, LYON
Seul Journal Artistique et Littéraire
LE PORTRAIT ET LA BIOGRAPHIE
M. Catulle MENDÈS
Prix du numéro : 15 centimes

Les candidats ont tenu hier une réunion où ils ont exposé leur programme ; l'assemblée, nombreuse et attentive, a voté à l'unanimité un ordre du jour de confiance. La séance a été levée à onze heures, au milieu des applaudissements de l'assistance qui a acclamé la République et les élus de la liste. Le comité invite les électeurs à se rendre en grand nombre aux urnes dimanche prochain, afin d'assurer le triomphe des idées démocratiques et de la cause républicaine dans tous les arrondissements de la ville de Lyon.

Les candidats ont tenu hier une réunion où ils ont exposé leur programme ; l'assemblée, nombreuse et attentive, a voté à l'unanimité un ordre du jour de confiance. La séance a été levée à onze heures, au milieu des applaudissements de l'assistance qui a acclamé la République et les élus de la liste. Le comité invite les électeurs à se rendre en grand nombre aux urnes dimanche prochain, afin d'assurer le triomphe des idées démocratiques et de la cause républicaine dans tous les arrondissements de la ville de Lyon.

Les candidats ont tenu hier une réunion où ils ont exposé leur programme ; l'assemblée, nombreuse et attentive, a voté à l'unanimité un ordre du jour de confiance. La séance a été levée à onze heures, au milieu des applaudissements de l'assistance qui a acclamé la République et les élus de la liste. Le comité invite les électeurs à se rendre en grand nombre aux urnes dimanche prochain, afin d'assurer le triomphe des idées démocratiques et de la cause républicaine dans tous les arrondissements de la ville de Lyon.

Les candidats ont tenu hier une réunion où ils ont exposé leur programme ; l'assemblée, nombreuse et attentive, a voté à l'unanimité un ordre du jour de confiance. La séance a été levée à onze heures, au milieu des applaudissements de l'assistance qui a acclamé la République et les élus de la liste. Le comité invite les électeurs à se rendre en grand nombre aux urnes dimanche prochain, afin d'assurer le triomphe des idées démocratiques et de la cause républicaine dans tous les arrondissements de la ville de Lyon.

Les candidats ont tenu hier une réunion où ils ont exposé leur programme ; l'assemblée, nombreuse et attentive, a voté à l'unanimité un ordre du jour de confiance. La séance a été levée à onze heures, au milieu des applaudissements de l'assistance qui a acclamé la République et les élus de la liste. Le comité invite les électeurs à se rendre en grand nombre aux urnes dimanche prochain, afin d'assurer le triomphe des idées démocratiques et de la cause républicaine dans tous les arrondissements de la ville de Lyon.

Les candidats ont tenu hier une réunion où ils ont exposé leur programme ; l'assemblée, nombreuse et attentive, a voté à l'unanimité un ordre du jour de confiance. La séance a été levée à onze heures, au milieu des applaudissements de l'assistance qui a acclamé la République et les élus de la liste. Le comité invite les électeurs à se rendre en grand nombre aux urnes dimanche prochain, afin d'assurer le triomphe des idées démocratiques et de la cause républicaine dans tous les arrondissements de la ville de Lyon.

Les candidats ont tenu hier une réunion où ils ont exposé leur programme ; l'assemblée, nombreuse et attentive, a voté à l'unanimité un ordre du jour de confiance. La séance a été levée à onze heures, au milieu des applaudissements de l'assistance qui a acclamé la République et les élus de la liste. Le comité invite les électeurs à se rendre en grand nombre aux urnes dimanche prochain, afin d'assurer le triomphe des idées démocratiques et de la cause républicaine dans tous les arrondissements de la ville de Lyon.
